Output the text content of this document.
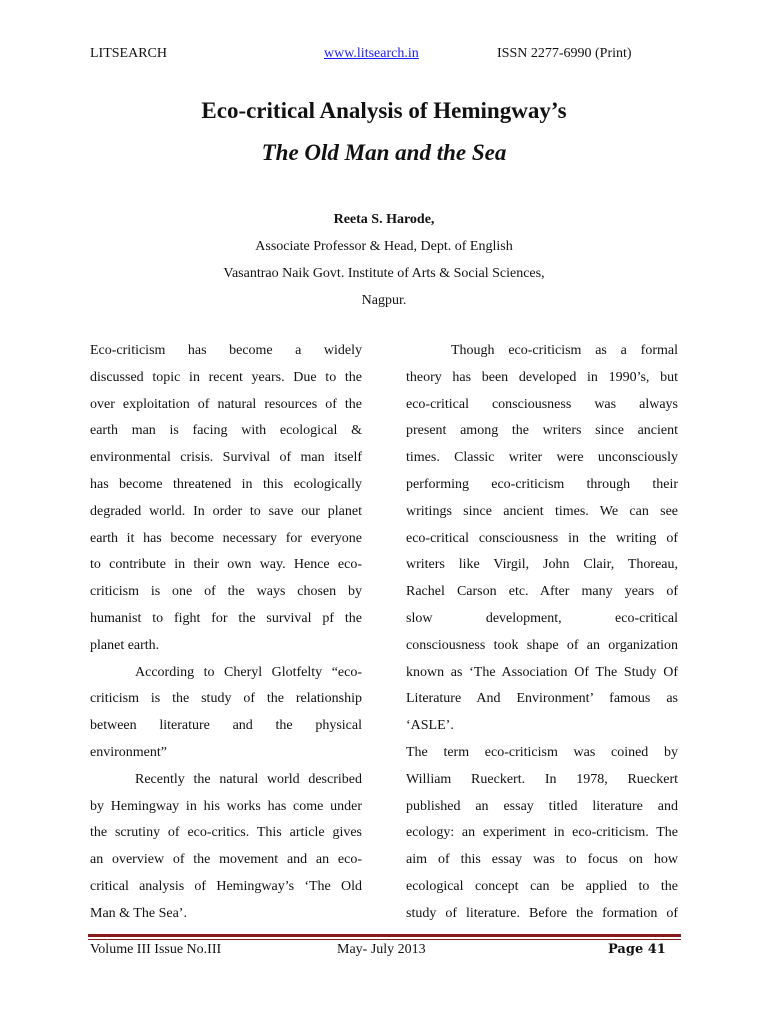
LITSEARCH	www.litsearch.in	ISSN 2277-6990 (Print)
Eco-critical Analysis of Hemingway’s
The Old Man and the Sea
Reeta S. Harode,
Associate Professor & Head, Dept. of English
Vasantrao Naik Govt. Institute of Arts & Social Sciences,
Nagpur.
Eco-criticism has become a widely
discussed topic in recent years. Due to the
over exploitation of natural resources of the
earth man is facing with ecological &
environmental crisis. Survival of man itself
has become threatened in this ecologically
degraded world. In order to save our planet
earth it has become necessary for everyone
to contribute in their own way. Hence eco-
criticism is one of the ways chosen by
humanist to fight for the survival pf the
planet earth.
According to Cheryl Glotfelty “eco-
criticism is the study of the relationship
between literature and the physical
environment”
Recently the natural world described
by Hemingway in his works has come under
the scrutiny of eco-critics. This article gives
an overview of the movement and an eco-
critical analysis of Hemingway’s ‘The Old
Man & The Sea’.
Though eco-criticism as a formal
theory has been developed in 1990’s, but
eco-critical consciousness was always
present among the writers since ancient
times. Classic writer were unconsciously
performing eco-criticism through their
writings since ancient times. We can see
eco-critical consciousness in the writing of
writers like Virgil, John Clair, Thoreau,
Rachel Carson etc. After many years of
slow development, eco-critical
consciousness took shape of an organization
known as ‘The Association Of The Study Of
Literature And Environment’ famous as
‘ASLE’.
The term eco-criticism was coined by
William Rueckert. In 1978, Rueckert
published an essay titled literature and
ecology: an experiment in eco-criticism. The
aim of this essay was to focus on how
ecological concept can be applied to the
study of literature. Before the formation of
Volume III Issue No.III	May- July 2013	Page 41
